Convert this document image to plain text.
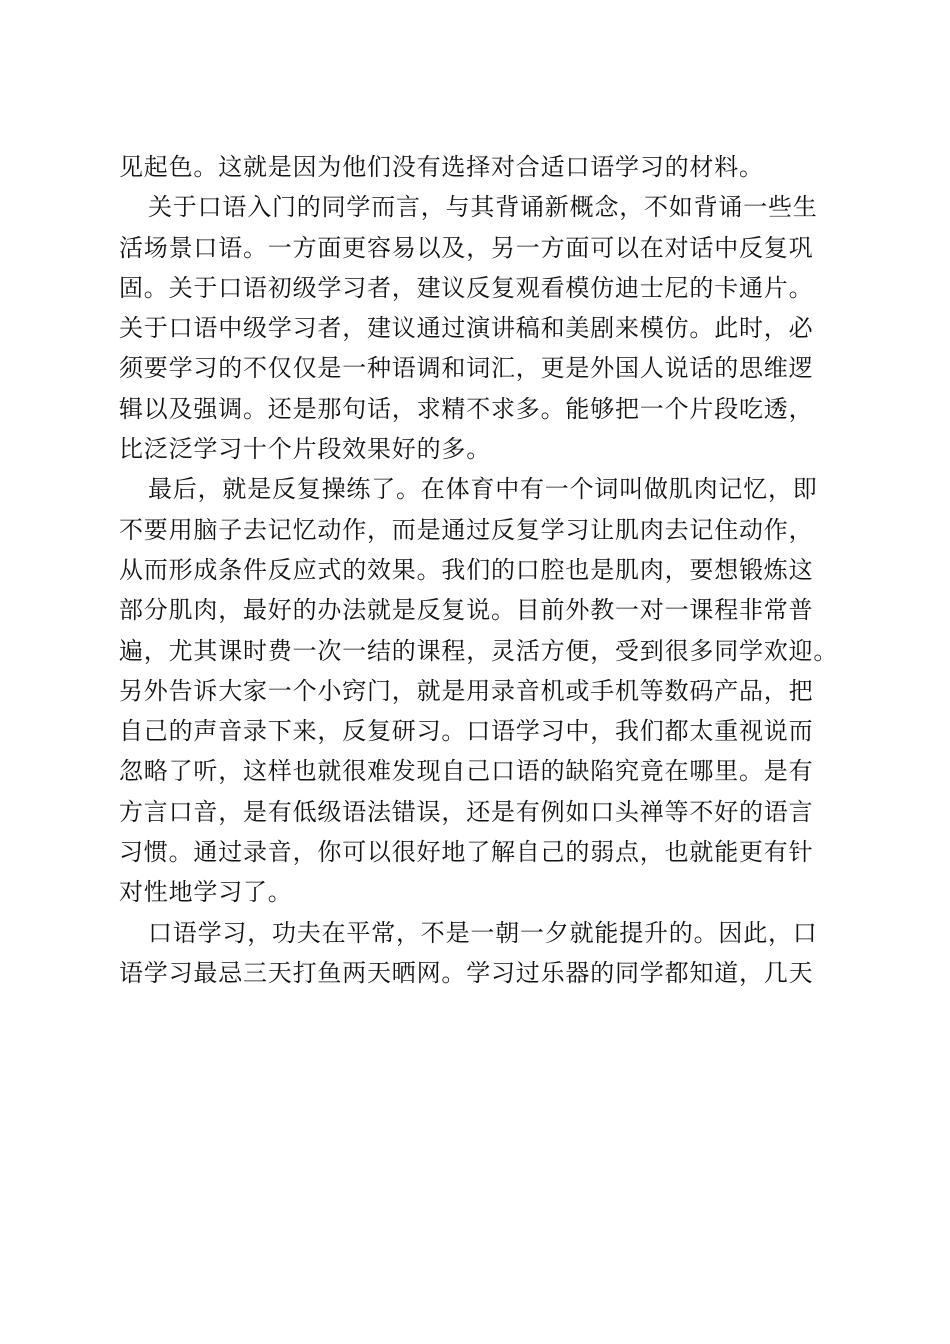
见起色。这就是因为他们没有选择对合适口语学习的材料。
关于口语入门的同学而言，与其背诵新概念，不如背诵一些生
活场景口语。一方面更容易以及，另一方面可以在对话中反复巩
固。关于口语初级学习者，建议反复观看模仿迪士尼的卡通片。
关于口语中级学习者，建议通过演讲稿和美剧来模仿。此时，必
须要学习的不仅仅是一种语调和词汇，更是外国人说话的思维逻
辑以及强调。还是那句话，求精不求多。能够把一个片段吃透，
比泛泛学习十个片段效果好的多。
最后，就是反复操练了。在体育中有一个词叫做肌肉记忆，即
不要用脑子去记忆动作，而是通过反复学习让肌肉去记住动作，
从而形成条件反应式的效果。我们的口腔也是肌肉，要想锻炼这
部分肌肉，最好的办法就是反复说。目前外教一对一课程非常普
遍，尤其课时费一次一结的课程，灵活方便，受到很多同学欢迎。
另外告诉大家一个小窍门，就是用录音机或手机等数码产品，把
自己的声音录下来，反复研习。口语学习中，我们都太重视说而
忽略了听，这样也就很难发现自己口语的缺陷究竟在哪里。是有
方言口音，是有低级语法错误，还是有例如口头禅等不好的语言
习惯。通过录音，你可以很好地了解自己的弱点，也就能更有针
对性地学习了。
口语学习，功夫在平常，不是一朝一夕就能提升的。因此，口
语学习最忌三天打鱼两天晒网。学习过乐器的同学都知道，几天
